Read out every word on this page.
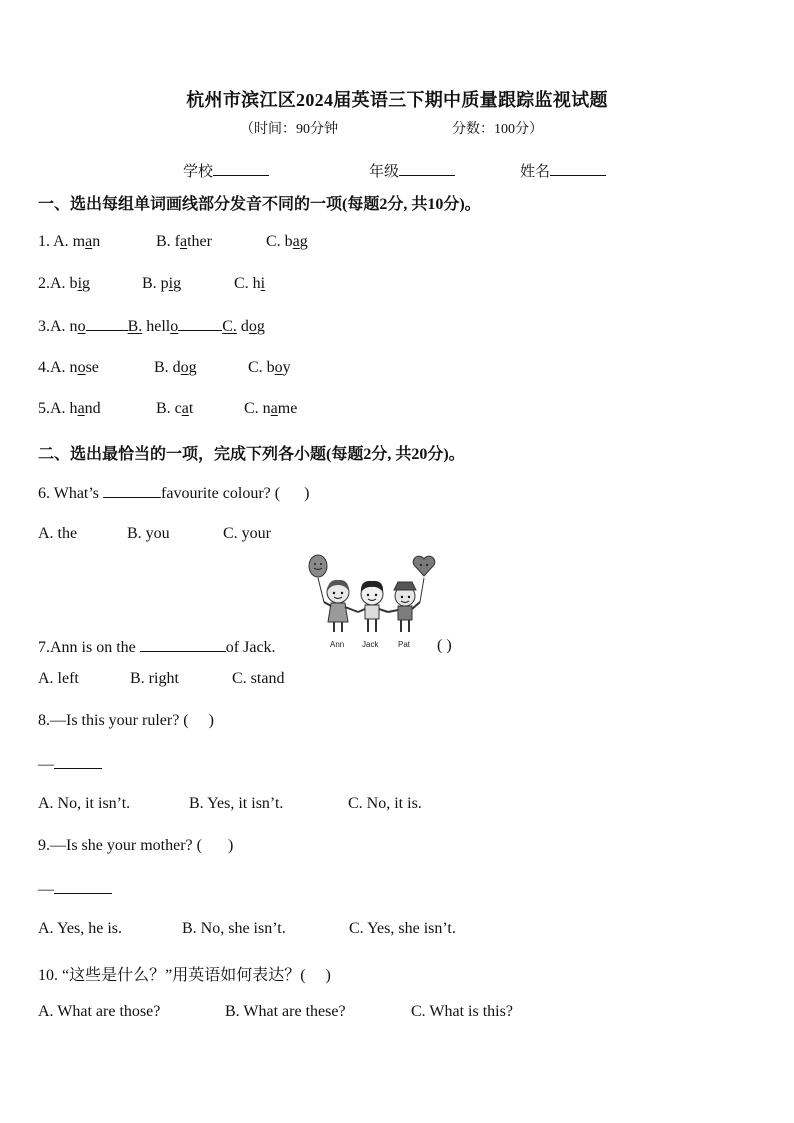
杭州市滨江区2024届英语三下期中质量跟踪监视试题
（时间：90分钟	分数：100分）
学校	年级	姓名
一、选出每组单词画线部分发音不同的一项(每题2分, 共10分)。
1. A. man	B. father	C. bag
2.A. big	B. pig	C. hi
3.A. no	B. hello	C. dog
4.A. nose	B. dog	C. boy
5.A. hand	B. cat	C. name
二、选出最恰当的一项，完成下列各小题(每题2分, 共20分)。
6. What’s	favourite colour? ( )
A. the	B. you	C. your
Ann Jack Pat
7.Ann is on the	of Jack.	( )
A. left	B. right	C. stand
8.—Is this your ruler? ( )
—
A. No, it isn’t.	B. Yes, it isn’t.	C. No, it is.
9.—Is she your mother? ( )
—
A. Yes, he is.	B. No, she isn’t.	C. Yes, she isn’t.
10. “这些是什么？”用英语如何表达？( )
A. What are those?	B. What are these?	C. What is this?
